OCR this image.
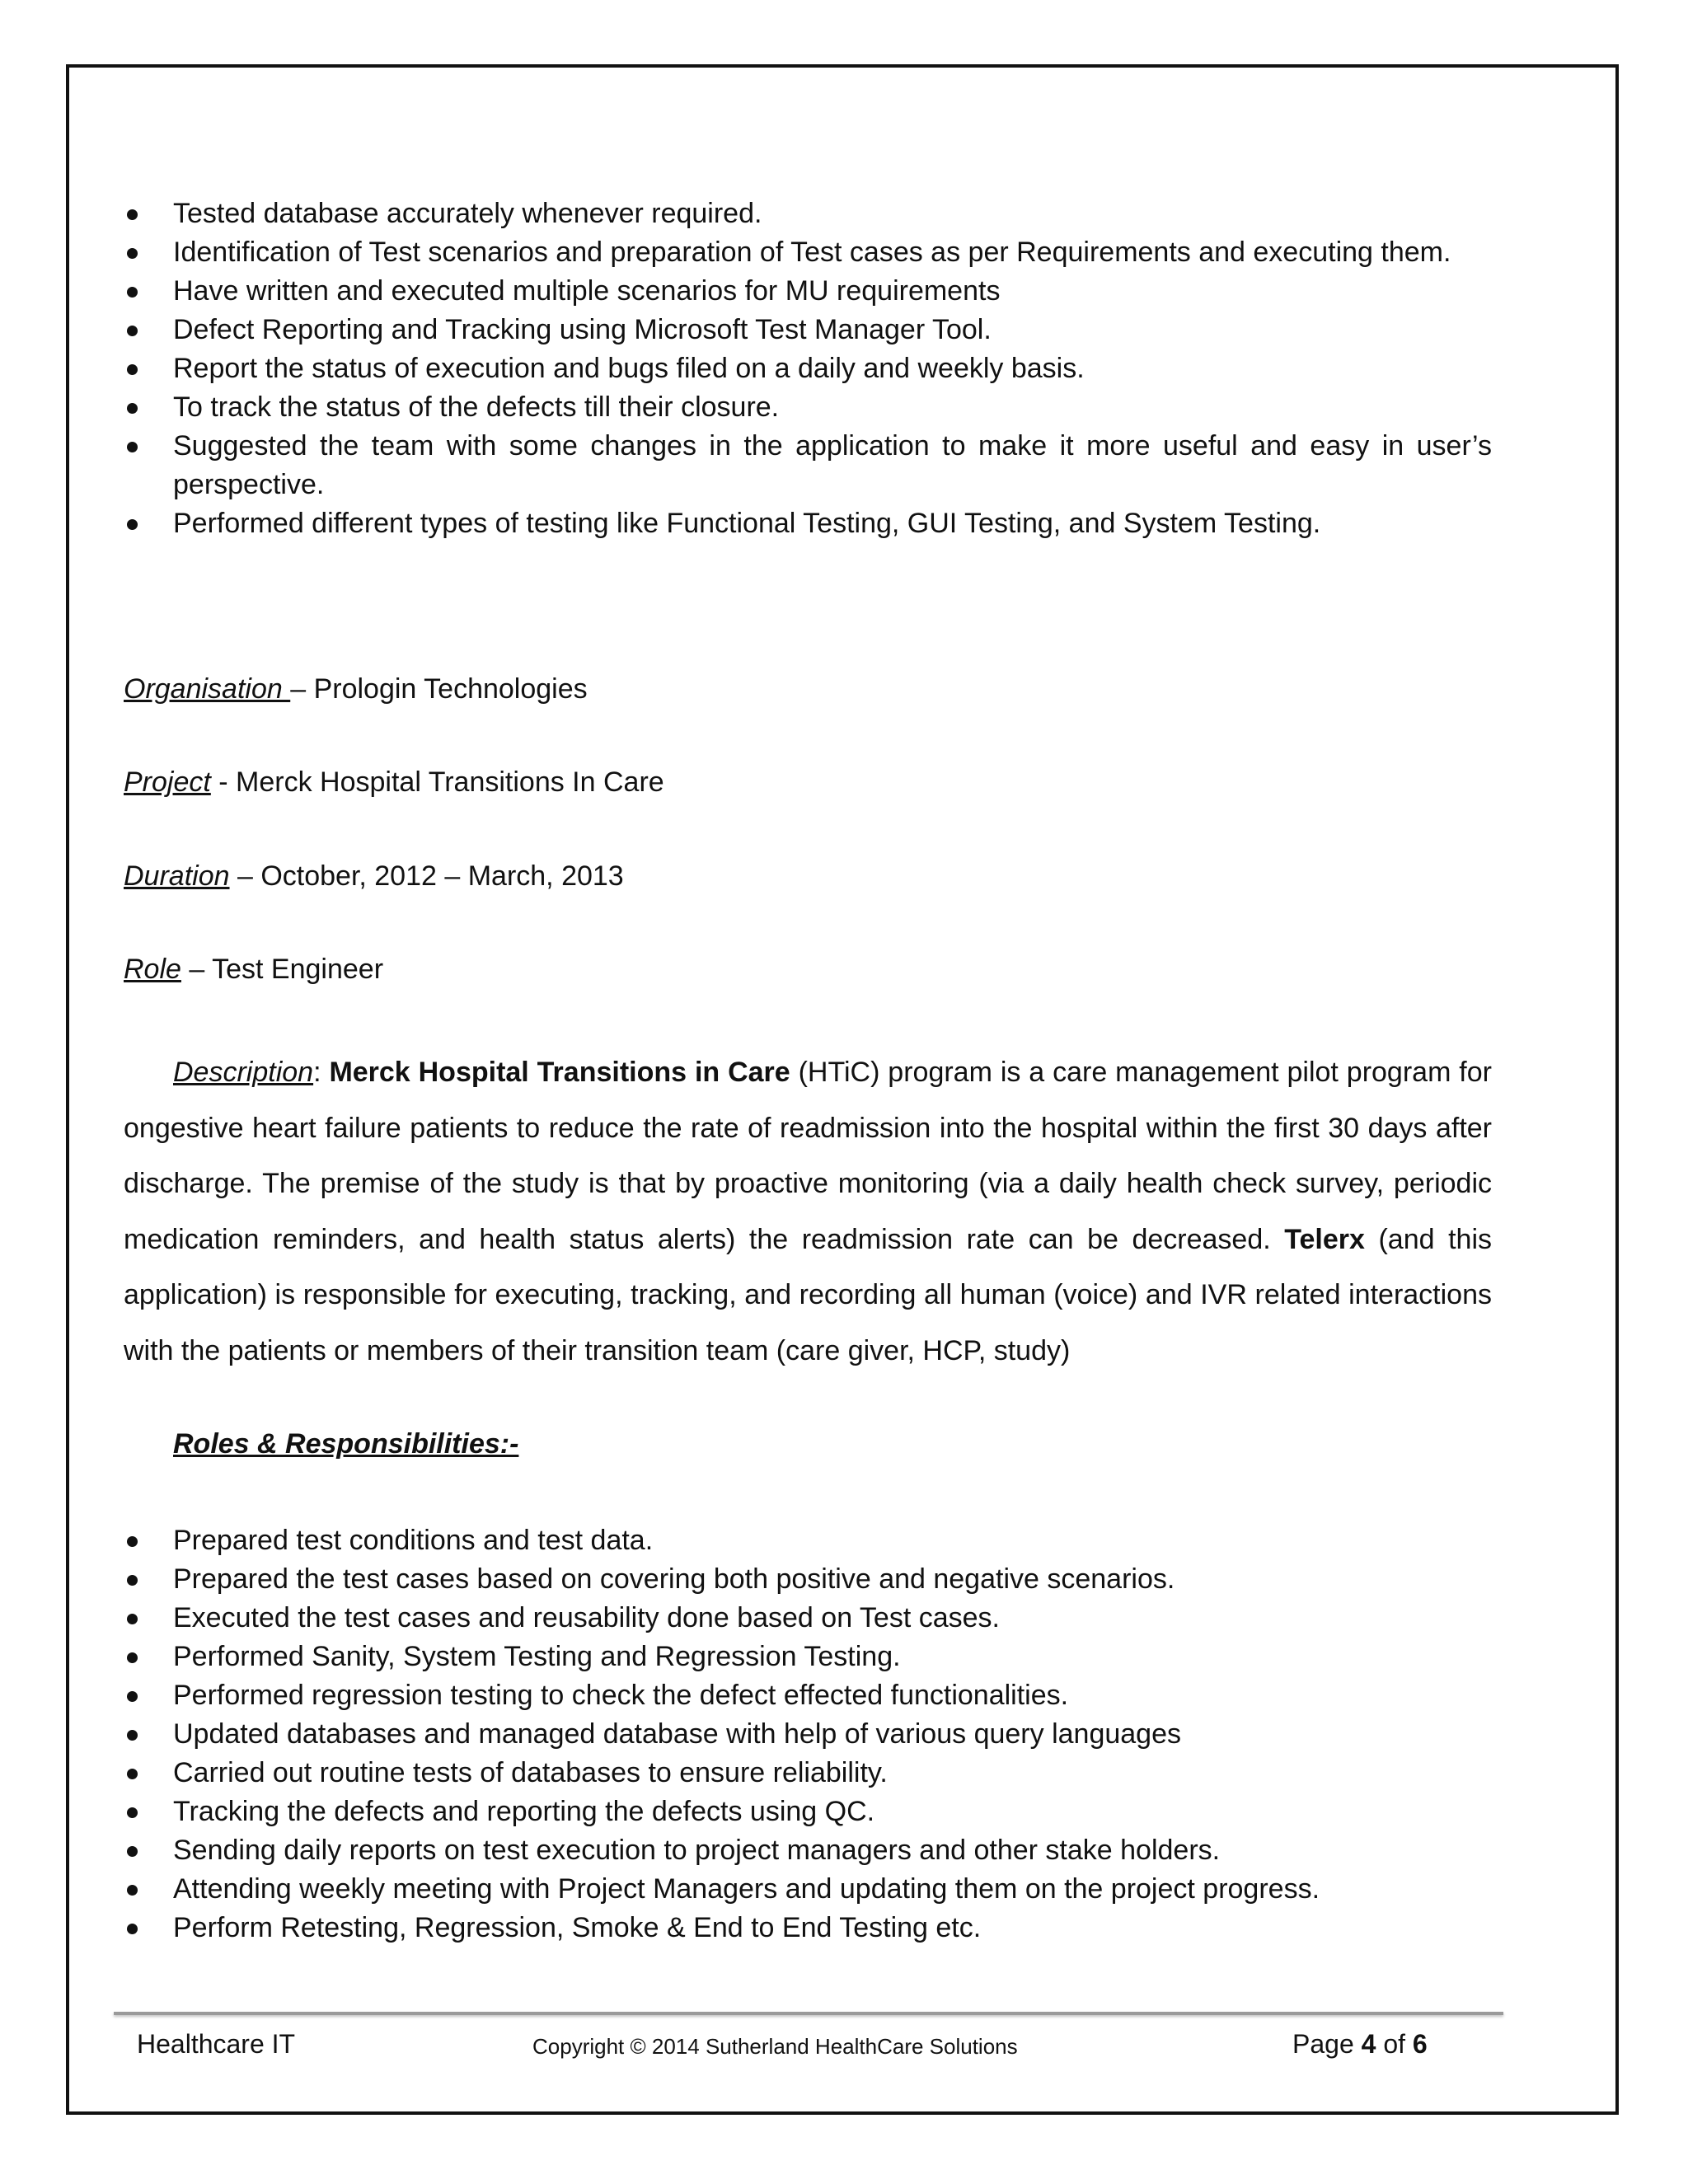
Tested database accurately whenever required.
Identification of Test scenarios and preparation of Test cases as per Requirements and executing them.
Have written and executed multiple scenarios for MU requirements
Defect Reporting and Tracking using Microsoft Test Manager Tool.
Report the status of execution and bugs filed on a daily and weekly basis.
To track the status of the defects till their closure.
Suggested the team with some changes in the application to make it more useful and easy in user’s perspective.
Performed different types of testing like Functional Testing, GUI Testing, and System Testing.
Organisation – Prologin Technologies
Project - Merck Hospital Transitions In Care
Duration – October, 2012 – March, 2013
Role – Test Engineer
Description: Merck Hospital Transitions in Care (HTiC) program is a care management pilot program for ongestive heart failure patients to reduce the rate of readmission into the hospital within the first 30 days after discharge. The premise of the study is that by proactive monitoring (via a daily health check survey, periodic medication reminders, and health status alerts) the readmission rate can be decreased. Telerx (and this application) is responsible for executing, tracking, and recording all human (voice) and IVR related interactions with the patients or members of their transition team (care giver, HCP, study)
Roles & Responsibilities:-
Prepared test conditions and test data.
Prepared the test cases based on covering both positive and negative scenarios.
Executed the test cases and reusability done based on Test cases.
Performed Sanity, System Testing and Regression Testing.
Performed regression testing to check the defect effected functionalities.
Updated databases and managed database with help of various query languages
Carried out routine tests of databases to ensure reliability.
Tracking the defects and reporting the defects using QC.
Sending daily reports on test execution to project managers and other stake holders.
Attending weekly meeting with Project Managers and updating them on the project progress.
Perform Retesting, Regression, Smoke & End to End Testing etc.
Healthcare IT	Copyright © 2014 Sutherland HealthCare Solutions	Page 4 of 6
